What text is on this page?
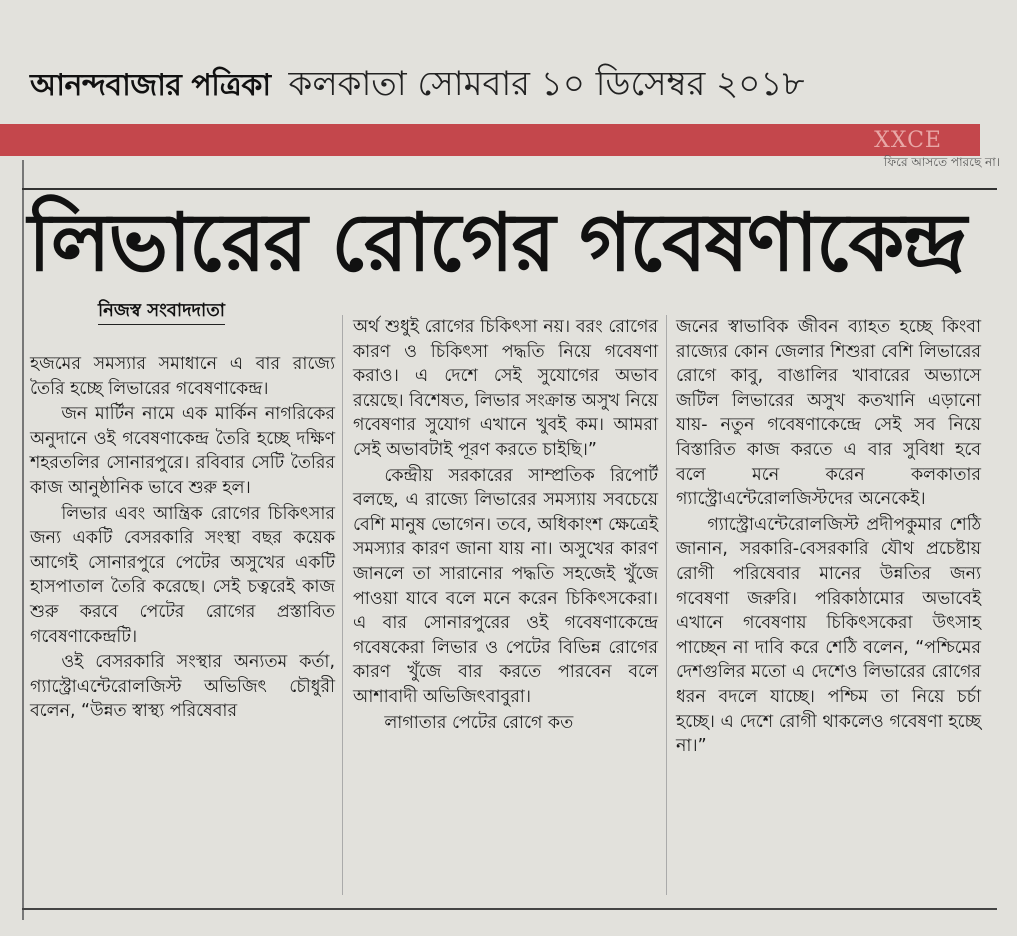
আনন্দবাজার পত্রিকা কলকাতা সোমবার ১০ ডিসেম্বর ২০১৮
XXCE
ফিরে আসতে পারছে না।
লিভারের রোগের গবেষণাকেন্দ্র
নিজস্ব সংবাদদাতা

হজমের সমস্যার সমাধানে এ বার রাজ্যে তৈরি হচ্ছে লিভারের গবেষণাকেন্দ্র।

জন মার্টিন নামে এক মার্কিন নাগরিকের অনুদানে ওই গবেষণাকেন্দ্র তৈরি হচ্ছে দক্ষিণ শহরতলির সোনারপুরে। রবিবার সেটি তৈরির কাজ আনুষ্ঠানিক ভাবে শুরু হল।

লিভার এবং আন্ত্রিক রোগের চিকিৎসার জন্য একটি বেসরকারি সংস্থা বছর কয়েক আগেই সোনারপুরে পেটের অসুখের একটি হাসপাতাল তৈরি করেছে। সেই চত্বরেই কাজ শুরু করবে পেটের রোগের প্রস্তাবিত গবেষণাকেন্দ্রটি।

ওই বেসরকারি সংস্থার অন্যতম কর্তা, গ্যাস্ট্রোএন্টেরোলজিস্ট অভিজিৎ চৌধুরী বলেন, “উন্নত স্বাস্থ্য পরিষেবার

অর্থ শুধুই রোগের চিকিৎসা নয়। বরং রোগের কারণ ও চিকিৎসা পদ্ধতি নিয়ে গবেষণা করাও। এ দেশে সেই সুযোগের অভাব রয়েছে। বিশেষত, লিভার সংক্রান্ত অসুখ নিয়ে গবেষণার সুযোগ এখানে খুবই কম। আমরা সেই অভাবটাই পূরণ করতে চাইছি।”

কেন্দ্রীয় সরকারের সাম্প্রতিক রিপোর্ট বলছে, এ রাজ্যে লিভারের সমস্যায় সবচেয়ে বেশি মানুষ ভোগেন। তবে, অধিকাংশ ক্ষেত্রেই সমস্যার কারণ জানা যায় না। অসুখের কারণ জানলে তা সারানোর পদ্ধতি সহজেই খুঁজে পাওয়া যাবে বলে মনে করেন চিকিৎসকেরা। এ বার সোনারপুরের ওই গবেষণাকেন্দ্রে গবেষকেরা লিভার ও পেটের বিভিন্ন রোগের কারণ খুঁজে বার করতে পারবেন বলে আশাবাদী অভিজিৎবাবুরা।

লাগাতার পেটের রোগে কত

জনের স্বাভাবিক জীবন ব্যাহত হচ্ছে কিংবা রাজ্যের কোন জেলার শিশুরা বেশি লিভারের রোগে কাবু, বাঙালির খাবারের অভ্যাসে জটিল লিভারের অসুখ কতখানি এড়ানো যায়- নতুন গবেষণাকেন্দ্রে সেই সব নিয়ে বিস্তারিত কাজ করতে এ বার সুবিধা হবে বলে মনে করেন কলকাতার গ্যাস্ট্রোএন্টেরোলজিস্টদের অনেকেই।

গ্যাস্ট্রোএন্টেরোলজিস্ট প্রদীপকুমার শেঠি জানান, সরকারি-বেসরকারি যৌথ প্রচেষ্টায় রোগী পরিষেবার মানের উন্নতির জন্য গবেষণা জরুরি। পরিকাঠামোর অভাবেই এখানে গবেষণায় চিকিৎসকেরা উৎসাহ পাচ্ছেন না দাবি করে শেঠি বলেন, “পশ্চিমের দেশগুলির মতো এ দেশেও লিভারের রোগের ধরন বদলে যাচ্ছে। পশ্চিম তা নিয়ে চর্চা হচ্ছে। এ দেশে রোগী থাকলেও গবেষণা হচ্ছে না।”
